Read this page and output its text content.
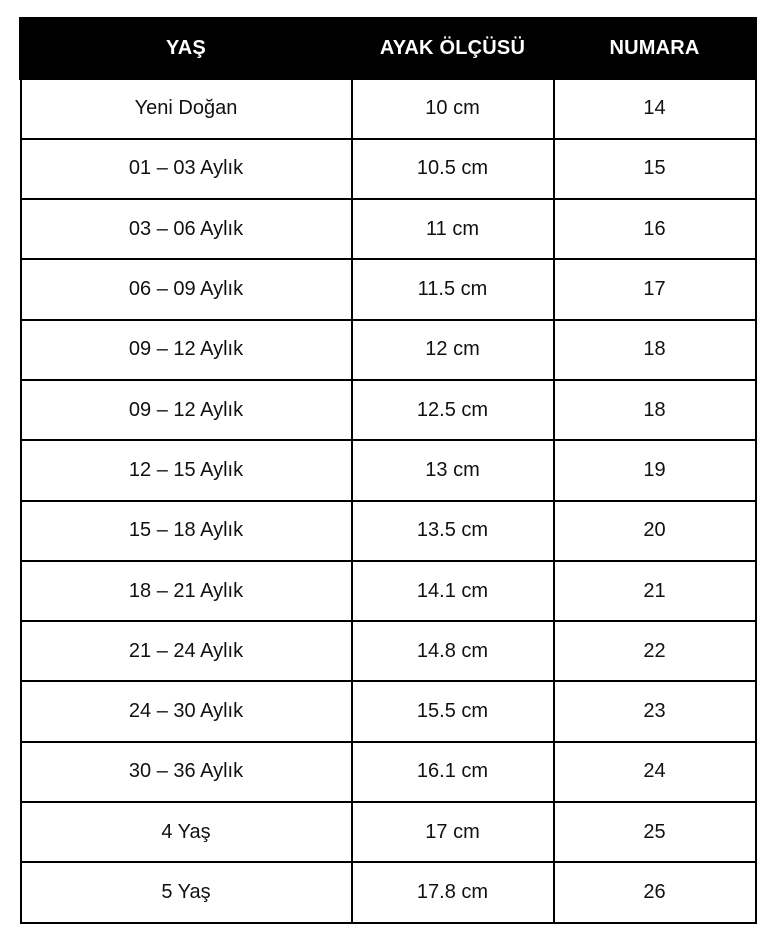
YAŞ	AYAK ÖLÇÜSÜ	NUMARA
Yeni Doğan	10 cm	14
01 – 03 Aylık	10.5 cm	15
03 – 06 Aylık	11 cm	16
06 – 09 Aylık	11.5 cm	17
09 – 12 Aylık	12 cm	18
09 – 12 Aylık	12.5 cm	18
12 – 15 Aylık	13 cm	19
15 – 18 Aylık	13.5 cm	20
18 – 21 Aylık	14.1 cm	21
21 – 24 Aylık	14.8 cm	22
24 – 30 Aylık	15.5 cm	23
30 – 36 Aylık	16.1 cm	24
4 Yaş	17 cm	25
5 Yaş	17.8 cm	26
